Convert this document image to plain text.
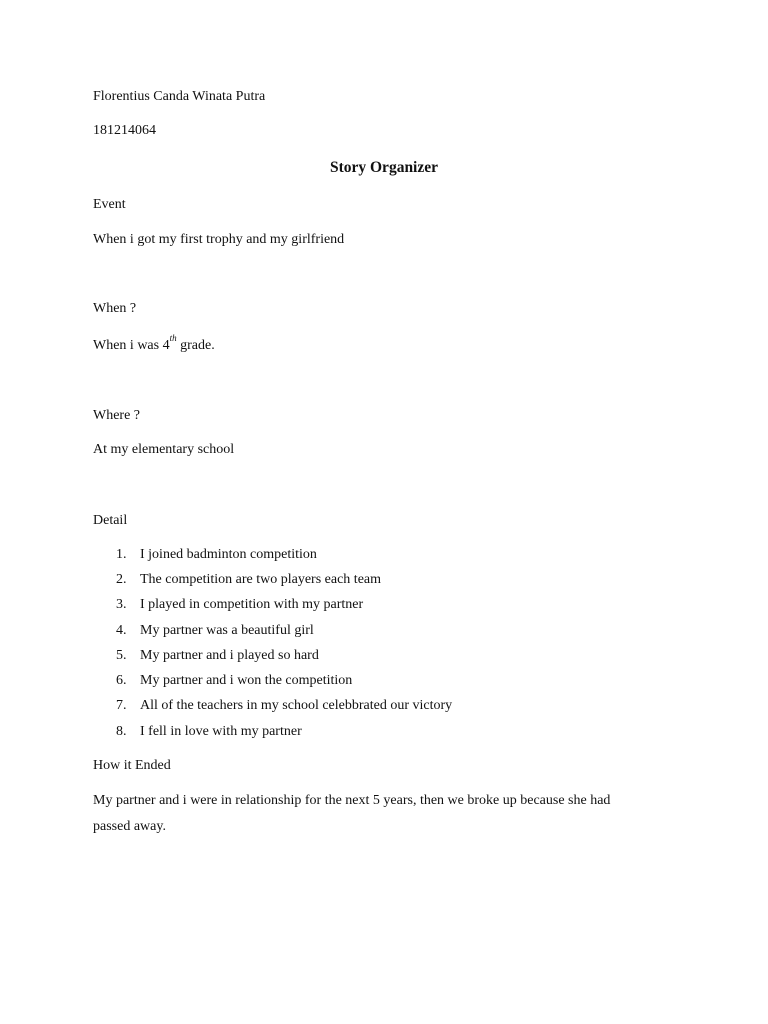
Florentius Canda Winata Putra
181214064
Story Organizer
Event
When i got my first trophy and my girlfriend
When ?
When i was 4th grade.
Where ?
At my elementary school
Detail
1. I joined badminton competition
2. The competition are two players each team
3. I played in competition with my partner
4. My partner was a beautiful girl
5. My partner and i played so hard
6. My partner and i won the competition
7. All of the teachers in my school celebbrated our victory
8. I fell in love with my partner
How it Ended
My partner and i were in relationship for the next 5 years, then we broke up because she had
passed away.
